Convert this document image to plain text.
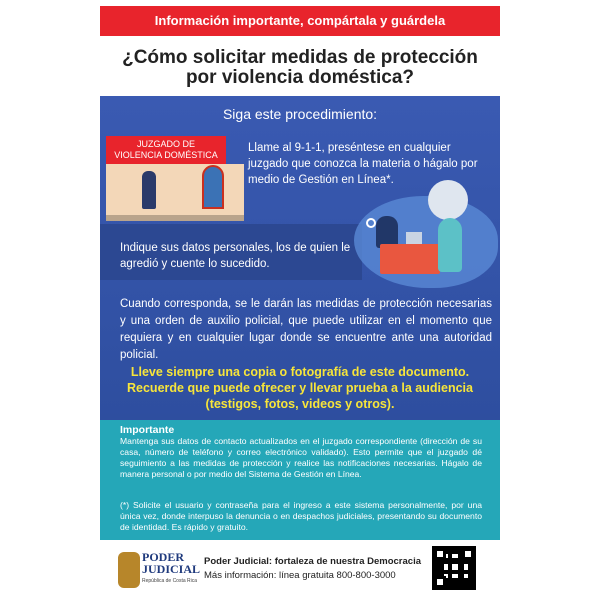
Información importante, compártala y guárdela
¿Cómo solicitar medidas de protección
por violencia doméstica?
Siga este procedimiento:
JUZGADO DE
VIOLENCIA DOMÉSTICA
Llame al 9-1-1, preséntese en cualquier juzgado que conozca la materia o hágalo por medio de Gestión en Línea*.
Indique sus datos personales, los de quien le agredió y cuente lo sucedido.
Cuando corresponda, se le darán las medidas de protección necesarias y una orden de auxilio policial, que puede utilizar en el momento que requiera y en cualquier lugar donde se encuentre ante una autoridad policial.
Lleve siempre una copia o fotografía de este documento.
Recuerde que puede ofrecer y llevar prueba a la audiencia
(testigos, fotos, videos y otros).
Importante
Mantenga sus datos de contacto actualizados en el juzgado correspondiente (dirección de su casa, número de teléfono y correo electrónico validado). Esto permite que el juzgado dé seguimiento a las medidas de protección y realice las notificaciones necesarias. Hágalo de manera personal o por medio del Sistema de Gestión en Línea.
(*) Solicite el usuario y contraseña para el ingreso a este sistema personalmente, por una única vez, donde interpuso la denuncia o en despachos judiciales, presentando su documento de identidad. Es rápido y gratuito.
PODER
JUDICIAL
República de Costa Rica
Poder Judicial: fortaleza de nuestra Democracia
Más información: línea gratuita 800-800-3000
